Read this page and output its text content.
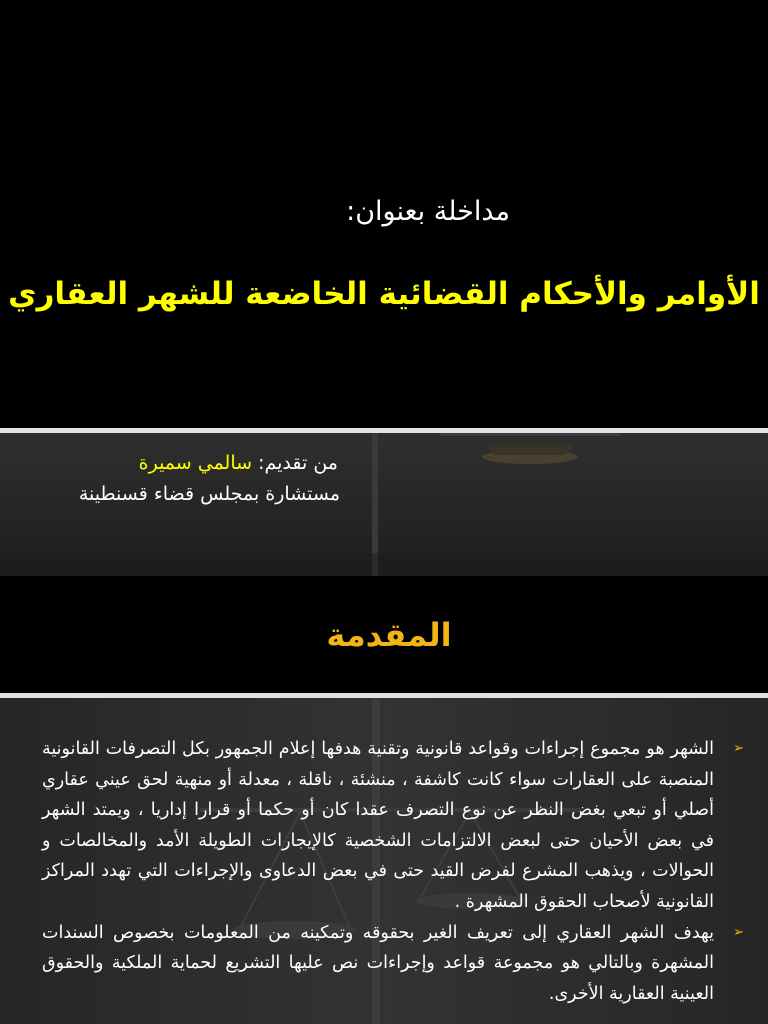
مداخلة بعنوان:
الأوامر والأحكام القضائية الخاضعة للشهر العقاري
من تقديم: سالمي سميرة
مستشارة بمجلس قضاء قسنطينة
المقدمة
➢
الشهر هو مجموع إجراءات وقواعد قانونية وتقنية هدفها إعلام الجمهور بكل التصرفات القانونية المنصبة على العقارات سواء كانت كاشفة ، منشئة ، ناقلة ، معدلة أو منهية لحق عيني عقاري أصلي أو تبعي بغض النظر عن نوع التصرف عقدا كان أو حكما أو قرارا إداريا ، ويمتد الشهر في بعض الأحيان حتى لبعض الالتزامات الشخصية كالإيجارات الطويلة الأمد والمخالصات و الحوالات ، ويذهب المشرع لفرض القيد حتى في بعض الدعاوى والإجراءات التي تهدد المراكز القانونية لأصحاب الحقوق المشهرة .
➢
يهدف الشهر العقاري إلى تعريف الغير بحقوقه وتمكينه من المعلومات بخصوص السندات المشهرة وبالتالي هو مجموعة قواعد وإجراءات نص عليها التشريع لحماية الملكية والحقوق العينية العقارية الأخرى.
